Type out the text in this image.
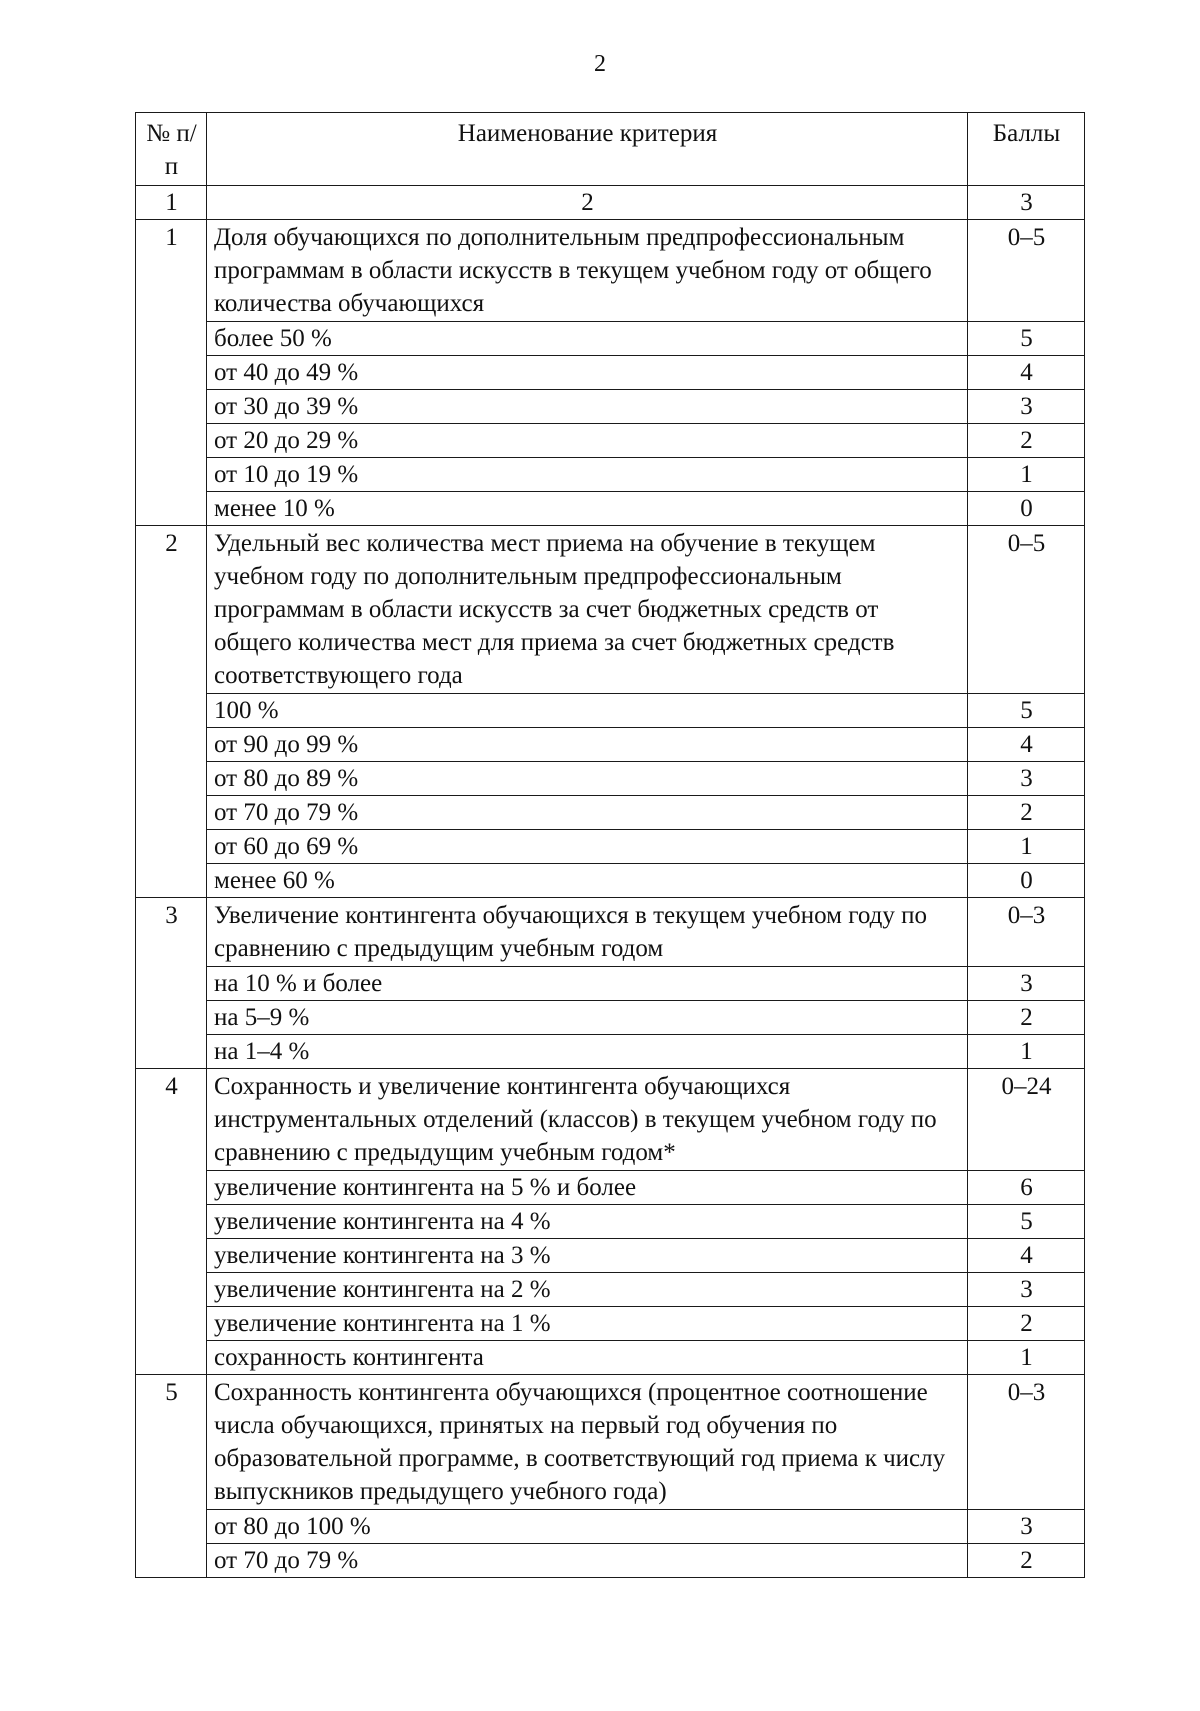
2
№ п/п	Наименование критерия	Баллы
1	2	3
1	Доля обучающихся по дополнительным предпрофессиональным программам в области искусств в текущем учебном году от общего количества обучающихся	0–5
	более 50 %	5
	от 40 до 49 %	4
	от 30 до 39 %	3
	от 20 до 29 %	2
	от 10 до 19 %	1
	менее 10 %	0
2	Удельный вес количества мест приема на обучение в текущем учебном году по дополнительным предпрофессиональным программам в области искусств за счет бюджетных средств от общего количества мест для приема за счет бюджетных средств соответствующего года	0–5
	100 %	5
	от 90 до 99 %	4
	от 80 до 89 %	3
	от 70 до 79 %	2
	от 60 до 69 %	1
	менее 60 %	0
3	Увеличение контингента обучающихся в текущем учебном году по сравнению с предыдущим учебным годом	0–3
	на 10 % и более	3
	на 5–9 %	2
	на 1–4 %	1
4	Сохранность и увеличение контингента обучающихся инструментальных отделений (классов) в текущем учебном году по сравнению с предыдущим учебным годом*	0–24
	увеличение контингента на 5 % и более	6
	увеличение контингента на 4 %	5
	увеличение контингента на 3 %	4
	увеличение контингента на 2 %	3
	увеличение контингента на 1 %	2
	сохранность контингента	1
5	Сохранность контингента обучающихся (процентное соотношение числа обучающихся, принятых на первый год обучения по образовательной программе, в соответствующий год приема к числу выпускников предыдущего учебного года)	0–3
	от 80 до 100 %	3
	от 70 до 79 %	2
